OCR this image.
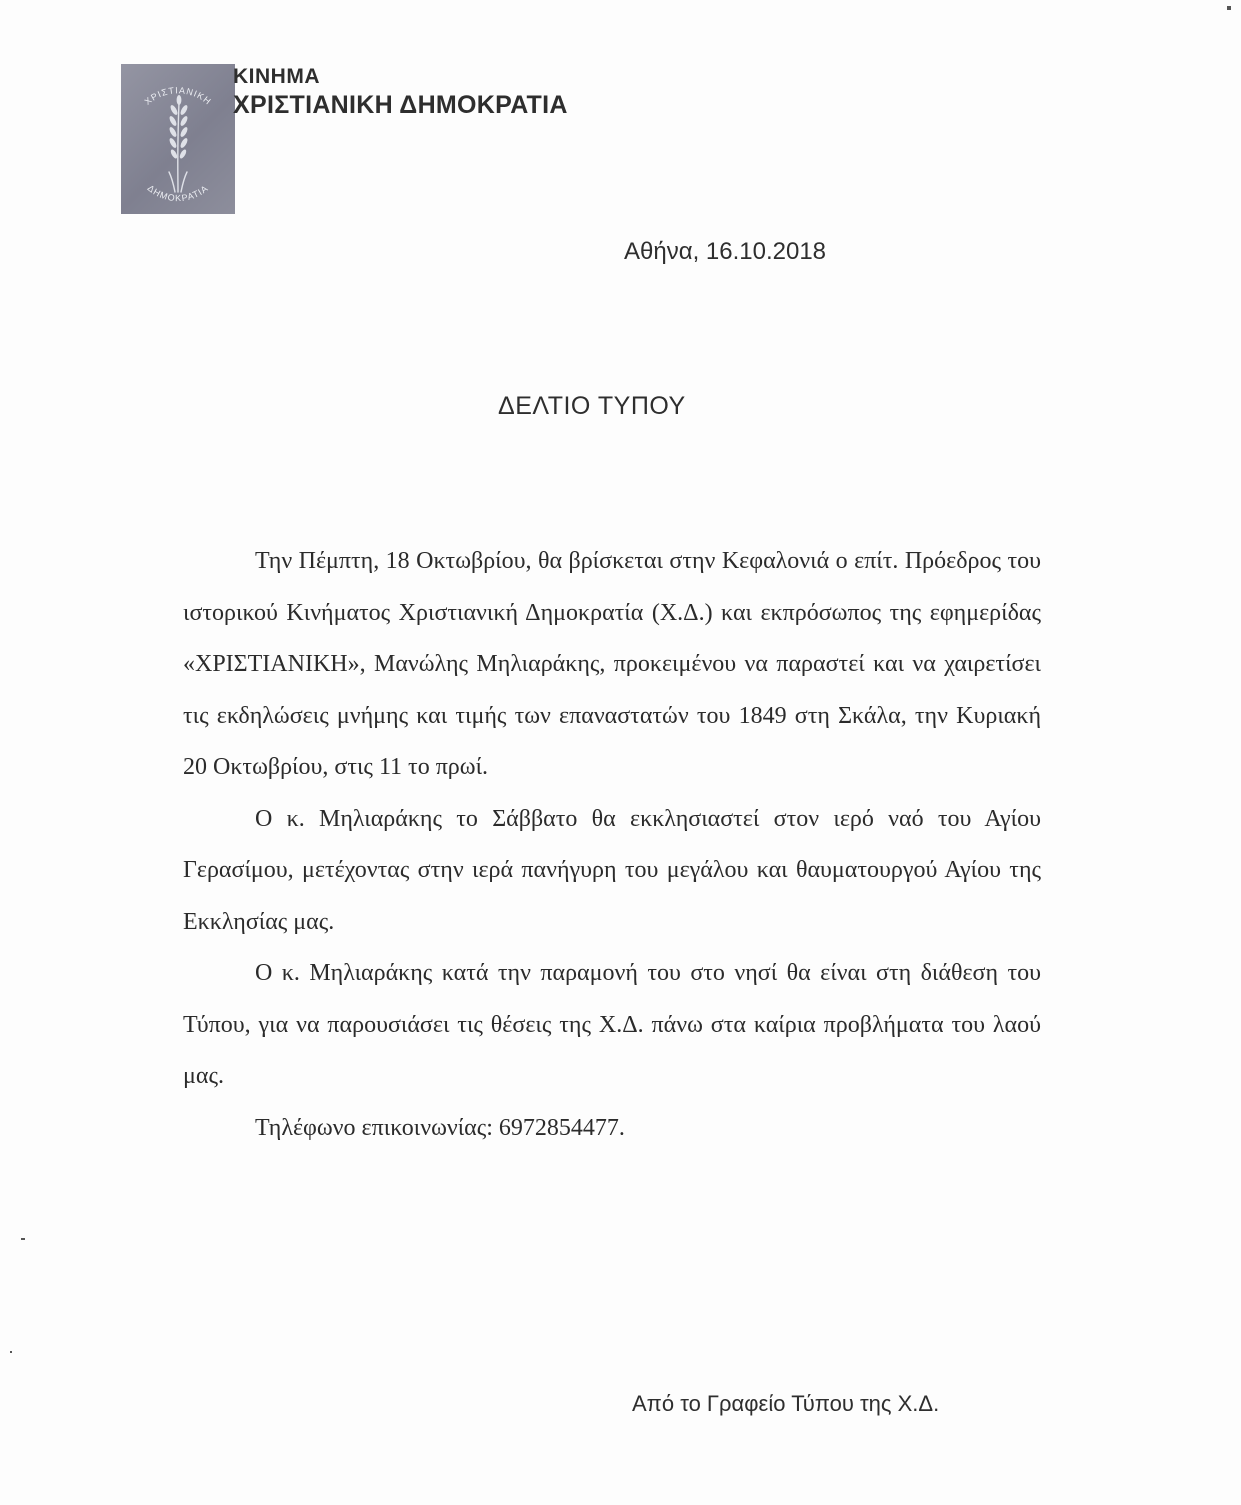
ΧΡΙΣΤΙΑΝΙΚΗ
ΔΗΜΟΚΡΑΤΙΑ
ΚΙΝΗΜΑ
ΧΡΙΣΤΙΑΝΙΚΗ ΔΗΜΟΚΡΑΤΙΑ
Αθήνα, 16.10.2018
ΔΕΛΤΙΟ ΤΥΠΟΥ

Την Πέμπτη, 18 Οκτωβρίου, θα βρίσκεται στην Κεφαλονιά ο επίτ. Πρόεδρος του ιστορικού Κινήματος Χριστιανική Δημοκρατία (Χ.Δ.) και εκπρόσωπος της εφημερίδας «ΧΡΙΣΤΙΑΝΙΚΗ», Μανώλης Μηλιαράκης, προκειμένου να παραστεί και να χαιρετίσει τις εκδηλώσεις μνήμης και τιμής των επαναστατών του 1849 στη Σκάλα, την Κυριακή 20 Οκτωβρίου, στις 11 το πρωί.

Ο κ. Μηλιαράκης το Σάββατο θα εκκλησιαστεί στον ιερό ναό του Αγίου Γερασίμου, μετέχοντας στην ιερά πανήγυρη του μεγάλου και θαυματουργού Αγίου της Εκκλησίας μας.

Ο κ. Μηλιαράκης κατά την παραμονή του στο νησί θα είναι στη διάθεση του Τύπου, για να παρουσιάσει τις θέσεις της Χ.Δ. πάνω στα καίρια προβλήματα του λαού μας.

Τηλέφωνο επικοινωνίας: 6972854477.

Από το Γραφείο Τύπου της Χ.Δ.
